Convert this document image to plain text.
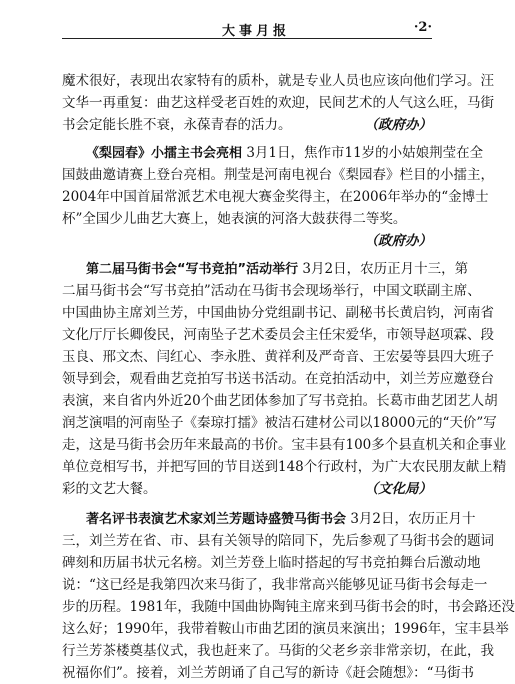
大事月报	·2·
魔术很好，表现出农家特有的质朴，就是专业人员也应该向他们学习。汪
文华一再重复：曲艺这样受老百姓的欢迎，民间艺术的人气这么旺，马街
书会定能长胜不衰，永葆青春的活力。	（政府办）
《梨园春》小擂主书会亮相 3月1日，焦作市11岁的小姑娘荆莹在全
国鼓曲邀请赛上登台亮相。荆莹是河南电视台《梨园春》栏目的小擂主，
2004年中国首届常派艺术电视大赛金奖得主，在2006年举办的“金博士
杯”全国少儿曲艺大赛上，她表演的河洛大鼓获得二等奖。
（政府办）
第二届马街书会“写书竞拍”活动举行 3月2日，农历正月十三，第
二届马街书会“写书竞拍”活动在马街书会现场举行，中国文联副主席、
中国曲协主席刘兰芳，中国曲协分党组副书记、副秘书长黄启钧，河南省
文化厅厅长卿俊民，河南坠子艺术委员会主任宋爱华，市领导赵项霖、段
玉良、邢文杰、闫红心、李永胜、黄祥利及严奇音、王宏晏等县四大班子
领导到会，观看曲艺竞拍写书送书活动。在竞拍活动中，刘兰芳应邀登台
表演，来自省内外近20个曲艺团体参加了写书竞拍。长葛市曲艺团艺人胡
润芝演唱的河南坠子《秦琼打擂》被洁石建材公司以18000元的“天价”写
走，这是马街书会历年来最高的书价。宝丰县有100多个县直机关和企事业
单位竞相写书，并把写回的节目送到148个行政村，为广大农民朋友献上精
彩的文艺大餐。	（文化局）
著名评书表演艺术家刘兰芳题诗盛赞马街书会 3月2日，农历正月十
三，刘兰芳在省、市、县有关领导的陪同下，先后参观了马街书会的题词
碑刻和历届书状元名榜。刘兰芳登上临时搭起的写书竞拍舞台后激动地
说：“这已经是我第四次来马街了，我非常高兴能够见证马街书会每走一
步的历程。1981年，我随中国曲协陶钝主席来到马街书会的时，书会路还没
这么好；1990年，我带着鞍山市曲艺团的演员来演出；1996年，宝丰县举
行兰芳茶楼奠基仪式，我也赶来了。马街的父老乡亲非常亲切，在此，我
祝福你们”。接着，刘兰芳朗诵了自己写的新诗《赶会随想》：“马街书
